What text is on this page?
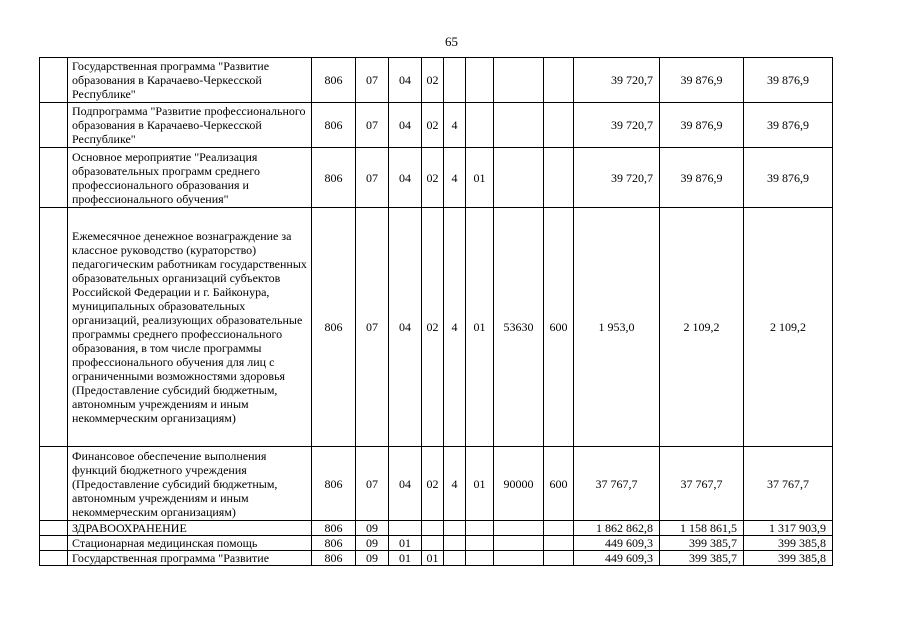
65
	Государственная программа "Развитие образования в Карачаево-Черкесской Республике"	806	07	04	02					39 720,7	39 876,9	39 876,9
	Подпрограмма "Развитие профессионального образования в Карачаево-Черкесской Республике"	806	07	04	02	4				39 720,7	39 876,9	39 876,9
	Основное мероприятие "Реализация образовательных программ среднего профессионального образования и профессионального обучения"	806	07	04	02	4	01			39 720,7	39 876,9	39 876,9
	Ежемесячное денежное вознаграждение за классное руководство (кураторство) педагогическим работникам государственных образовательных организаций субъектов Российской Федерации и г. Байконура, муниципальных образовательных организаций, реализующих образовательные программы среднего профессионального образования, в том числе программы профессионального обучения для лиц с ограниченными возможностями здоровья (Предоставление субсидий бюджетным, автономным учреждениям и иным некоммерческим организациям)	806	07	04	02	4	01	53630	600	1 953,0	2 109,2	2 109,2
	Финансовое обеспечение выполнения функций бюджетного учреждения (Предоставление субсидий бюджетным, автономным учреждениям и иным некоммерческим организациям)	806	07	04	02	4	01	90000	600	37 767,7	37 767,7	37 767,7
	ЗДРАВООХРАНЕНИЕ	806	09							1 862 862,8	1 158 861,5	1 317 903,9
	Стационарная медицинская помощь	806	09	01						449 609,3	399 385,7	399 385,8
	Государственная программа "Развитие	806	09	01	01					449 609,3	399 385,7	399 385,8
